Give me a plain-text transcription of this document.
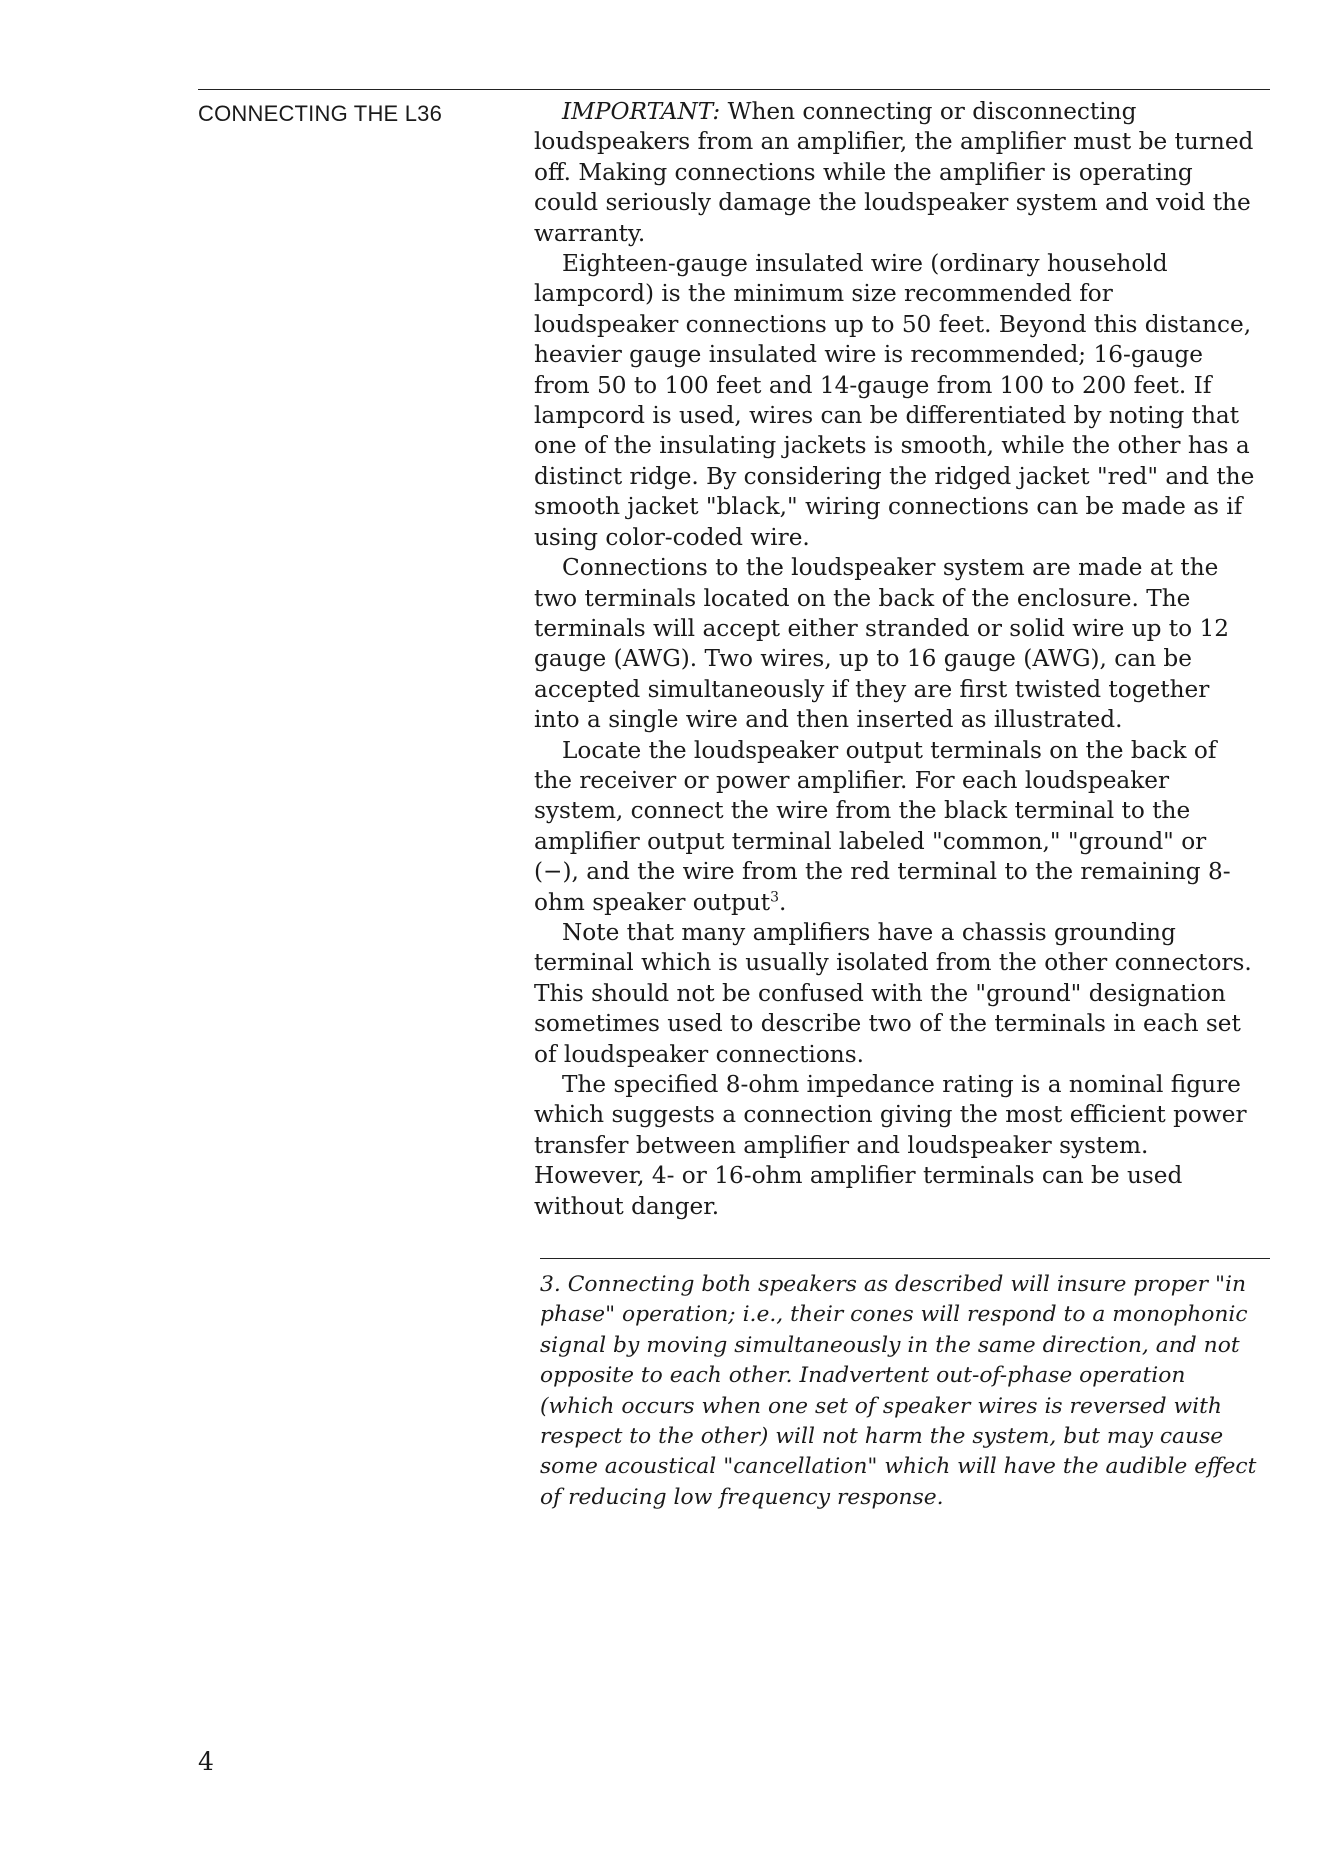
CONNECTING THE L36	IMPORTANT: When connecting or disconnecting loudspeakers from an amplifier, the amplifier must be turned off. Making connections while the amplifier is operating could seriously damage the loudspeaker system and void the warranty.

Eighteen-gauge insulated wire (ordinary household lampcord) is the minimum size recommended for loudspeaker connections up to 50 feet. Beyond this distance, heavier gauge insulated wire is recommended; 16-gauge from 50 to 100 feet and 14-gauge from 100 to 200 feet. If lampcord is used, wires can be differentiated by noting that one of the insulating jackets is smooth, while the other has a distinct ridge. By considering the ridged jacket "red" and the smooth jacket "black," wiring connections can be made as if using color-coded wire.

Connections to the loudspeaker system are made at the two terminals located on the back of the enclosure. The terminals will accept either stranded or solid wire up to 12 gauge (AWG). Two wires, up to 16 gauge (AWG), can be accepted simultaneously if they are first twisted together into a single wire and then inserted as illustrated.

Locate the loudspeaker output terminals on the back of the receiver or power amplifier. For each loudspeaker system, connect the wire from the black terminal to the amplifier output terminal labeled "common," "ground" or (−), and the wire from the red terminal to the remaining 8-ohm speaker output$^3$.

Note that many amplifiers have a chassis grounding terminal which is usually isolated from the other connectors. This should not be confused with the "ground" designation sometimes used to describe two of the terminals in each set of loudspeaker connections.

The specified 8-ohm impedance rating is a nominal figure which suggests a connection giving the most efficient power transfer between amplifier and loudspeaker system. However, 4- or 16-ohm amplifier terminals can be used without danger.

3. Connecting both speakers as described will insure proper "in phase" operation; i.e., their cones will respond to a monophonic signal by moving simultaneously in the same direction, and not opposite to each other. Inadvertent out-of-phase operation (which occurs when one set of speaker wires is reversed with respect to the other) will not harm the system, but may cause some acoustical "cancellation" which will have the audible effect of reducing low frequency response.

4
